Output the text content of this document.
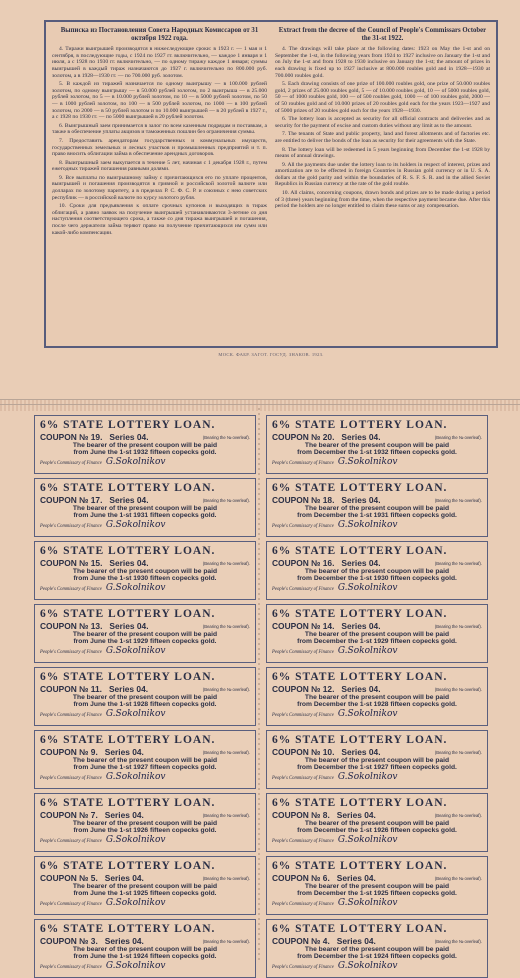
Выписка из Постановления Совета Народных Комиссаров от 31 октября 1922 года.

4. Тиражи выигрышей производятся в нижеследующие сроки: в 1923 г. — 1 мая и 1 сентября, в последующие годы, с 1924 по 1927 гг. включительно, — каждое 1 января и 1 июля, а с 1928 по 1930 гг. включительно, — по одному тиражу каждое 1 января; суммы выигрышей в каждый тираж назначаются до 1927 г. включительно по 800.000 руб. золотом, а в 1928—1930 гг. — по 700.000 руб. золотом.

5. В каждой из тиражей назначается по одному выигрышу — в 100.000 рублей золотом, по одному выигрышу — в 50.000 рублей золотом, по 2 выигрыша — в 25.000 рублей золотом, по 5 — в 10.000 рублей золотом, по 10 — в 5000 рублей золотом, по 50 — в 1000 рублей золотом, по 100 — в 500 рублей золотом, по 1000 — в 100 рублей золотом, по 2000 — в 50 рублей золотом и по 10.000 выигрышей — в 20 рублей в 1927 г., а с 1928 по 1930 гг. — по 5000 выигрышей в 20 рублей золотом.

6. Выигрышный заем принимается в залог по всем казенным подрядам и поставкам, а также в обеспечение уплаты акцизов и таможенных пошлин без ограничения суммы.

7. Предоставить арендаторам государственных и коммунальных имуществ, государственных земельных и лесных участков и промышленных предприятий и т. п. право вносить облигации займа в обеспечение арендных договоров.

8. Выигрышный заем выкупается в течение 5 лет, начиная с 1 декабря 1928 г., путем ежегодных тиражей погашения равными долями.

9. Все выплаты по выигрышному займу с причитающихся его по уплате процентов, выигрышей и погашения производятся в гривной и российской золотой валюте или долларах по золотому паритету, а в пределах Р. С. Ф. С. Р. и союзных с нею советских республик — в российской валюте по курсу золотого рубля.

10. Сроки для предъявления к оплате срочных купонов и выходящих в тираж облигаций, а равно заявок на получение выигрышей устанавливаются 3-летние со дня наступления соответствующего срока, а также со дня тиража выигрышей и погашения, после чего держатели займа теряют право на получение причитающихся им сумм или какой-либо компенсации.

Extract from the decree of the Council of People's Commissars October the 31-st 1922.

4. The drawings will take place at the following dates: 1923 on May the 1-st and on September the 1-st, in the following years from 1924 to 1927 inclusive on January the 1-st and on July the 1-st and from 1928 to 1930 inclusive on January the 1-st; the amount of prizes in each drawing is fixed up to 1927 inclusive at 800.000 roubles gold and in 1928—1930 at 700.000 roubles gold.

5. Each drawing consists of one prize of 100.000 roubles gold, one prize of 50.000 roubles gold, 2 prizes of 25.000 roubles gold, 5 — of 10.000 roubles gold, 10 — of 5000 roubles gold, 50 — of 1000 roubles gold, 100 — of 500 roubles gold, 1000 — of 100 roubles gold, 2000 — of 50 roubles gold and of 10.000 prizes of 20 roubles gold each for the years 1923—1927 and of 5000 prizes of 20 roubles gold each for the years 1928—1930.

6. The lottery loan is accepted as security for all official contracts and deliveries and as security for the payment of excise and custom duties without any limit as to the amount.

7. The tenants of State and public property, land and forest allotments and of factories etc. are entitled to deliver the bonds of the loan as security for their agreements with the State.

8. The lottery loan will be redeemed in 5 years beginning from December the 1-st 1928 by means of annual drawings.

9. All the payments due under the lottery loan to its holders in respect of interest, prizes and amortization are to be effected in foreign Countries in Russian gold currency or in U. S. A. dollars at the gold parity and within the boundaries of R. S. F. S. R. and in the allied Soviet Republics in Russian currency at the rate of the gold rouble.

10. All claims, concerning coupons, drawn bonds and prizes are to be made during a period of 3 (three) years beginning from the time, when the respective payment became due. After this period the holders are no longer entitled to claim these sums or any compensation.

МОСК. ФАБР. ЗАГОТ. ГОСУД. ЗНАКОВ. 1923.
6% STATE LOTTERY LOAN.
COUPON № 19.   Series 04.	(Bearing the № overleaf).
The bearer of the present coupon will be paid
from June the 1-st 1932 fifteen copecks gold.
People's Commissary of Finance G.Sokolnikov
6% STATE LOTTERY LOAN.
COUPON № 20.   Series 04.	(Bearing the № overleaf).
The bearer of the present coupon will be paid
from December the 1-st 1932 fifteen copecks gold.
People's Commissary of Finance G.Sokolnikov
6% STATE LOTTERY LOAN.
COUPON № 17.   Series 04.	(Bearing the № overleaf).
The bearer of the present coupon will be paid
from June the 1-st 1931 fifteen copecks gold.
People's Commissary of Finance G.Sokolnikov
6% STATE LOTTERY LOAN.
COUPON № 18.   Series 04.	(Bearing the № overleaf).
The bearer of the present coupon will be paid
from December the 1-st 1931 fifteen copecks gold.
People's Commissary of Finance G.Sokolnikov
6% STATE LOTTERY LOAN.
COUPON № 15.   Series 04.	(Bearing the № overleaf).
The bearer of the present coupon will be paid
from June the 1-st 1930 fifteen copecks gold.
People's Commissary of Finance G.Sokolnikov
6% STATE LOTTERY LOAN.
COUPON № 16.   Series 04.	(Bearing the № overleaf).
The bearer of the present coupon will be paid
from December the 1-st 1930 fifteen copecks gold.
People's Commissary of Finance G.Sokolnikov
6% STATE LOTTERY LOAN.
COUPON № 13.   Series 04.	(Bearing the № overleaf).
The bearer of the present coupon will be paid
from June the 1-st 1929 fifteen copecks gold.
People's Commissary of Finance G.Sokolnikov
6% STATE LOTTERY LOAN.
COUPON № 14.   Series 04.	(Bearing the № overleaf).
The bearer of the present coupon will be paid
from December the 1-st 1929 fifteen copecks gold.
People's Commissary of Finance G.Sokolnikov
6% STATE LOTTERY LOAN.
COUPON № 11.   Series 04.	(Bearing the № overleaf).
The bearer of the present coupon will be paid
from June the 1-st 1928 fifteen copecks gold.
People's Commissary of Finance G.Sokolnikov
6% STATE LOTTERY LOAN.
COUPON № 12.   Series 04.	(Bearing the № overleaf).
The bearer of the present coupon will be paid
from December the 1-st 1928 fifteen copecks gold.
People's Commissary of Finance G.Sokolnikov
6% STATE LOTTERY LOAN.
COUPON № 9.   Series 04.	(Bearing the № overleaf).
The bearer of the present coupon will be paid
from June the 1-st 1927 fifteen copecks gold.
People's Commissary of Finance G.Sokolnikov
6% STATE LOTTERY LOAN.
COUPON № 10.   Series 04.	(Bearing the № overleaf).
The bearer of the present coupon will be paid
from December the 1-st 1927 fifteen copecks gold.
People's Commissary of Finance G.Sokolnikov
6% STATE LOTTERY LOAN.
COUPON № 7.   Series 04.	(Bearing the № overleaf).
The bearer of the present coupon will be paid
from June the 1-st 1926 fifteen copecks gold.
People's Commissary of Finance G.Sokolnikov
6% STATE LOTTERY LOAN.
COUPON № 8.   Series 04.	(Bearing the № overleaf).
The bearer of the present coupon will be paid
from December the 1-st 1926 fifteen copecks gold.
People's Commissary of Finance G.Sokolnikov
6% STATE LOTTERY LOAN.
COUPON № 5.   Series 04.	(Bearing the № overleaf).
The bearer of the present coupon will be paid
from June the 1-st 1925 fifteen copecks gold.
People's Commissary of Finance G.Sokolnikov
6% STATE LOTTERY LOAN.
COUPON № 6.   Series 04.	(Bearing the № overleaf).
The bearer of the present coupon will be paid
from December the 1-st 1925 fifteen copecks gold.
People's Commissary of Finance G.Sokolnikov
6% STATE LOTTERY LOAN.
COUPON № 3.   Series 04.	(Bearing the № overleaf).
The bearer of the present coupon will be paid
from June the 1-st 1924 fifteen copecks gold.
People's Commissary of Finance G.Sokolnikov
6% STATE LOTTERY LOAN.
COUPON № 4.   Series 04.	(Bearing the № overleaf).
The bearer of the present coupon will be paid
from December the 1-st 1924 fifteen copecks gold.
People's Commissary of Finance G.Sokolnikov
